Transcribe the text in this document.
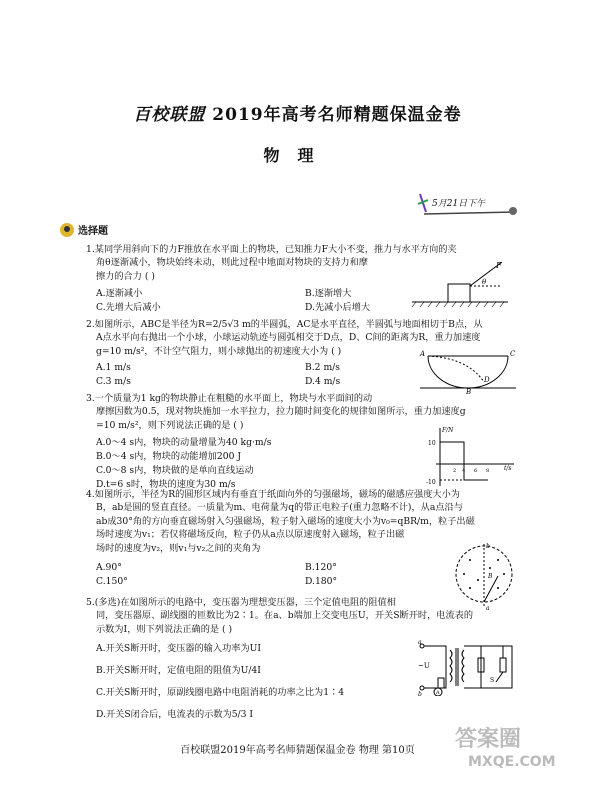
百校联盟 2019年高考名师精题保温金卷
物理
5月21日下午
选择题
1.某同学用斜向下的力F推放在水平面上的物块，已知推力F大小不变，推力与水平方向的夹
角θ逐渐减小，物块始终未动，则此过程中地面对物块的支持力和摩
擦力的合力 ( )
A.逐渐减小	B.逐渐增大
C.先增大后减小	D.先减小后增大
F
θ
2.如图所示，ABC是半径为R=2/5√3 m的半圆弧，AC是水平直径，半圆弧与地面相切于B点，从
A点水平向右抛出一个小球，小球运动轨迹与圆弧相交于D点，D、C间的距离为R，重力加速度
g=10 m/s²，不计空气阻力，则小球抛出的初速度大小为 ( )
A.1 m/s	B.2 m/s
C.3 m/s	D.4 m/s
A	C
D
B
3.一个质量为1 kg的物块静止在粗糙的水平面上，物块与水平面间的动
摩擦因数为0.5，现对物块施加一水平拉力，拉力随时间变化的规律如图所示，重力加速度g
=10 m/s²，则下列说法正确的是 ( )
A.0～4 s内，物块的动量增量为40 kg·m/s
B.0～4 s内，物块的动能增加200 J
C.0～8 s内，物块做的是单向直线运动
D.t=6 s时，物块的速度为30 m/s
F/N
t/s
10
-10
2 4 6 8
4.如图所示，半径为R的圆形区域内有垂直于纸面向外的匀强磁场，磁场的磁感应强度大小为
B，ab是圆的竖直直径。一质量为m、电荷量为q的带正电粒子(重力忽略不计)，从a点沿与
ab成30°角的方向垂直磁场射入匀强磁场，粒子射入磁场的速度大小为v₀=qBR/m，粒子出磁
场时速度为v₁；若仅将磁场反向，粒子仍从a点以原速度射入磁场，粒子出磁
场时的速度为v₂，则v₁与v₂之间的夹角为
A.90°	B.120°
C.150°	D.180°
b
a
B
5.(多选)在如图所示的电路中，变压器为理想变压器，三个定值电阻的阻值相
同，变压器原、副线圈的匝数比为2∶1。在a、b端加上交变电压U，开关S断开时，电流表的
示数为I，则下列说法正确的是 ( )
A.开关S断开时，变压器的输入功率为UI
B.开关S断开时，定值电阻的阻值为U/4I
C.开关S断开时，原副线圈电路中电阻消耗的功率之比为1∶4
D.开关S闭合后，电流表的示数为5/3 I
~U
a
b	A
S
答案圈
MXQE.COM
百校联盟2019年高考名师猜题保温金卷 物理 第10页
